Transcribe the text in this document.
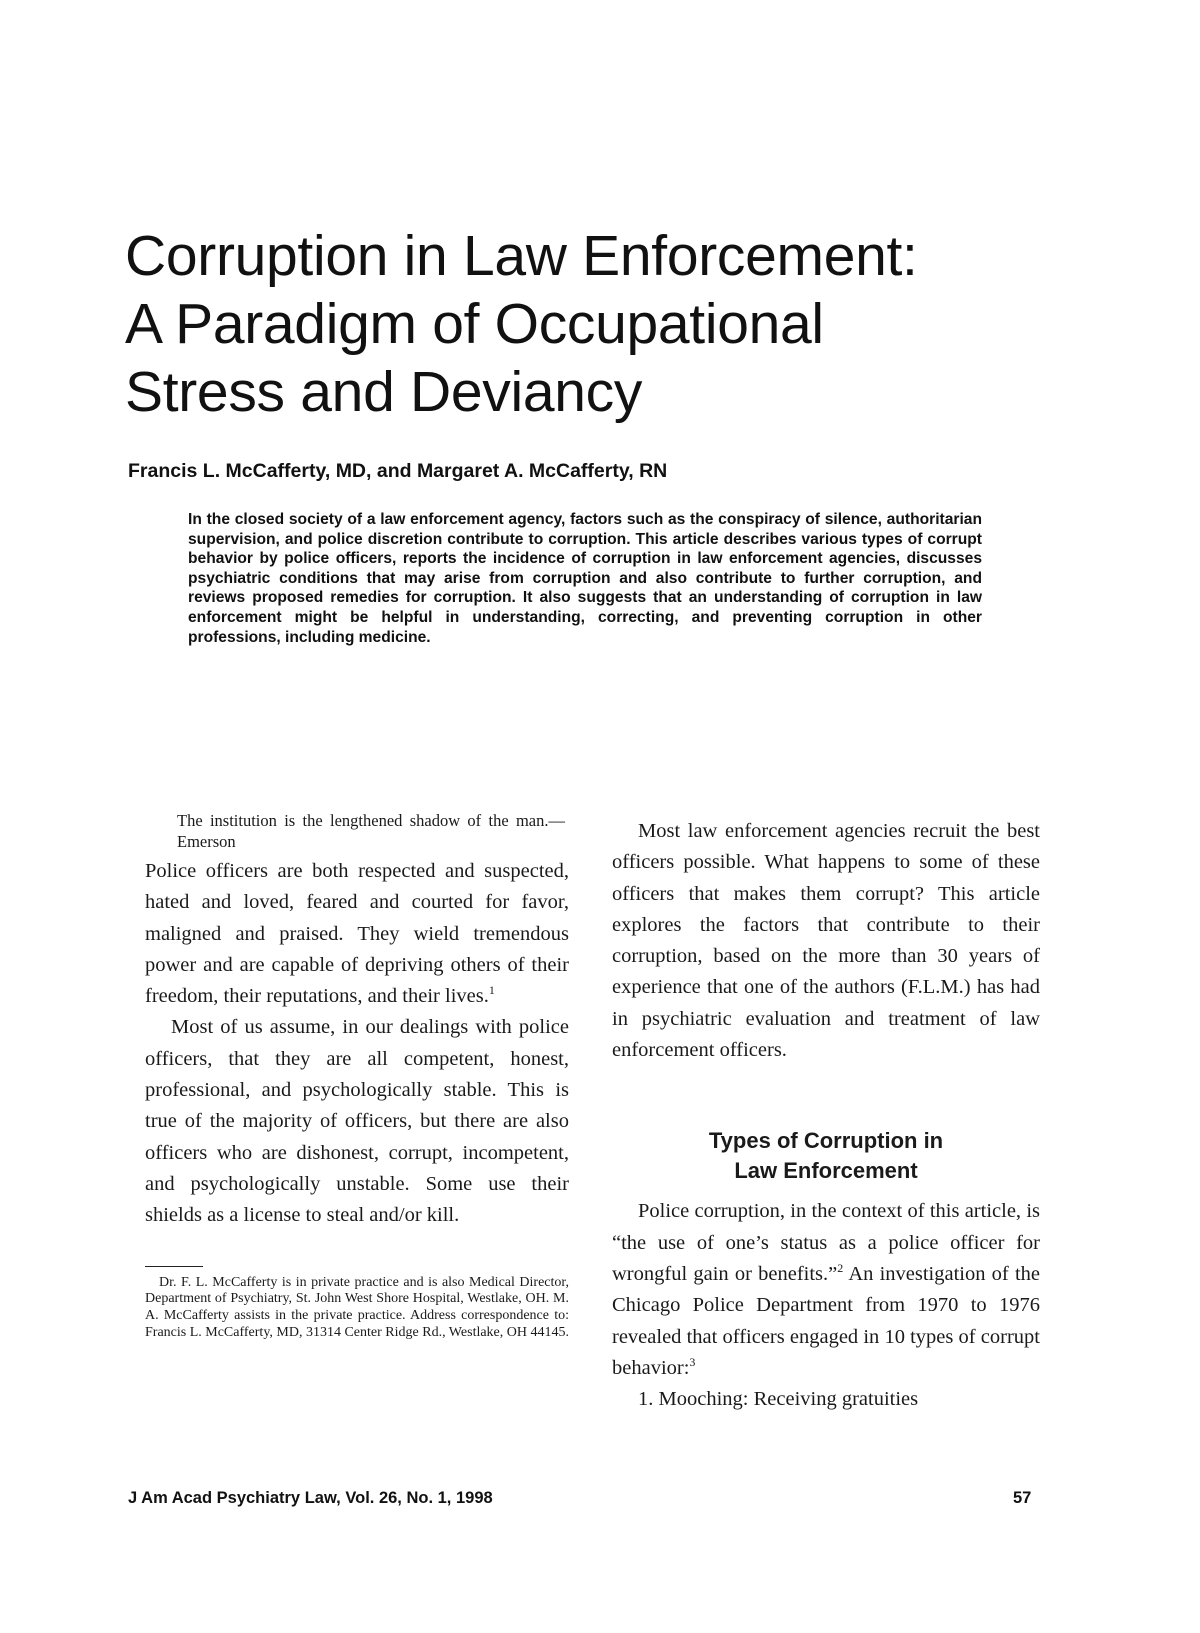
Corruption in Law Enforcement:
A Paradigm of Occupational
Stress and Deviancy
Francis L. McCafferty, MD, and Margaret A. McCafferty, RN

In the closed society of a law enforcement agency, factors such as the conspiracy of silence, authoritarian supervision, and police discretion contribute to corruption. This article describes various types of corrupt behavior by police officers, reports the incidence of corruption in law enforcement agencies, discusses psychiatric conditions that may arise from corruption and also contribute to further corruption, and reviews proposed remedies for corruption. It also suggests that an understanding of corruption in law enforcement might be helpful in understanding, correcting, and preventing corruption in other professions, including medicine.

The institution is the lengthened shadow of the man.—Emerson

Police officers are both respected and suspected, hated and loved, feared and courted for favor, maligned and praised. They wield tremendous power and are capable of depriving others of their freedom, their reputations, and their lives.$^1$

Most of us assume, in our dealings with police officers, that they are all competent, honest, professional, and psychologically stable. This is true of the majority of officers, but there are also officers who are dishonest, corrupt, incompetent, and psychologically unstable. Some use their shields as a license to steal and/or kill.

Dr. F. L. McCafferty is in private practice and is also Medical Director, Department of Psychiatry, St. John West Shore Hospital, Westlake, OH. M. A. McCafferty assists in the private practice. Address correspondence to: Francis L. McCafferty, MD, 31314 Center Ridge Rd., Westlake, OH 44145.

Most law enforcement agencies recruit the best officers possible. What happens to some of these officers that makes them corrupt? This article explores the factors that contribute to their corruption, based on the more than 30 years of experience that one of the authors (F.L.M.) has had in psychiatric evaluation and treatment of law enforcement officers.

Types of Corruption in
Law Enforcement

Police corruption, in the context of this article, is “the use of one’s status as a police officer for wrongful gain or benefits.”$^2$ An investigation of the Chicago Police Department from 1970 to 1976 revealed that officers engaged in 10 types of corrupt behavior:$^3$

1. Mooching: Receiving gratuities

J Am Acad Psychiatry Law, Vol. 26, No. 1, 1998	57
